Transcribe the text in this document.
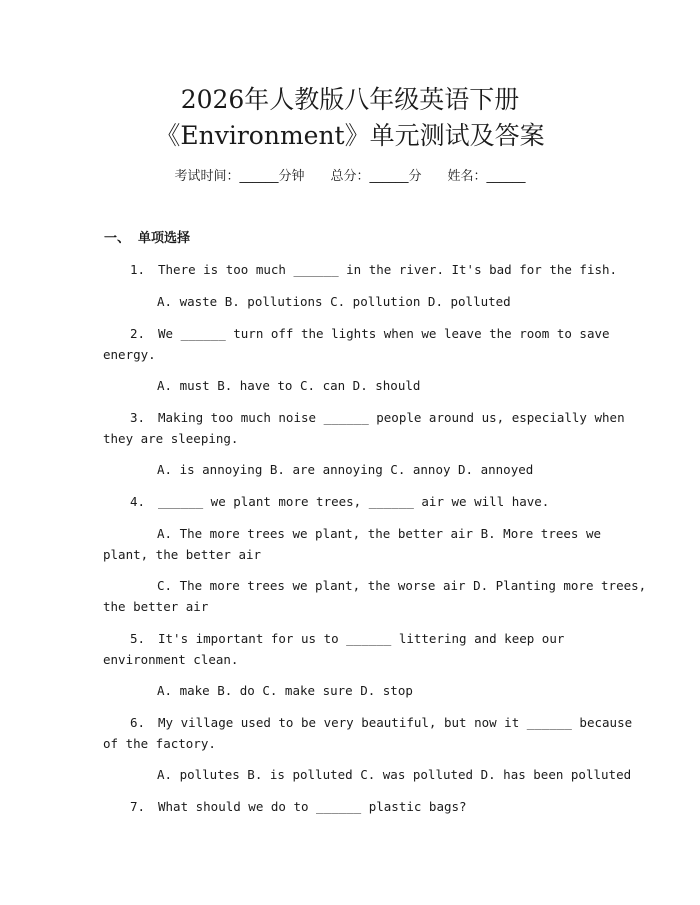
2026年人教版八年级英语下册
《Environment》单元测试及答案
考试时间：______分钟 总分：______分 姓名：______
一、 单项选择
1. There is too much ______ in the river. It's bad for the fish.
A. waste B. pollutions C. pollution D. polluted
2. We ______ turn off the lights when we leave the room to save
energy.
A. must B. have to C. can D. should
3. Making too much noise ______ people around us, especially when
they are sleeping.
A. is annoying B. are annoying C. annoy D. annoyed
4. ______ we plant more trees, ______ air we will have.
A. The more trees we plant, the better air B. More trees we
plant, the better air
C. The more trees we plant, the worse air D. Planting more trees,
the better air
5. It's important for us to ______ littering and keep our
environment clean.
A. make B. do C. make sure D. stop
6. My village used to be very beautiful, but now it ______ because
of the factory.
A. pollutes B. is polluted C. was polluted D. has been polluted
7. What should we do to ______ plastic bags?
